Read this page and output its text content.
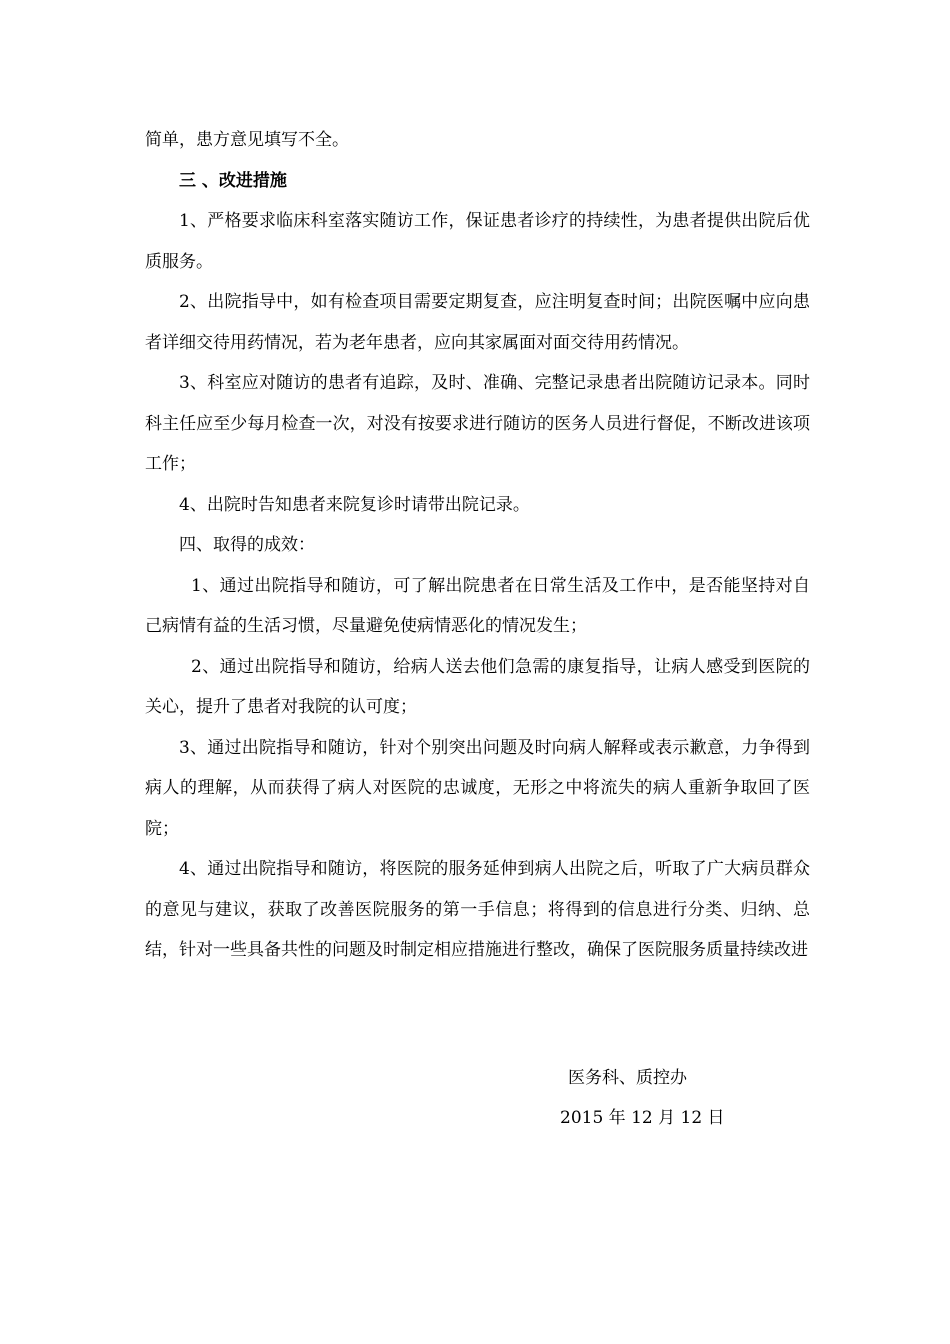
简单，患方意见填写不全。

三 、改进措施

1、严格要求临床科室落实随访工作，保证患者诊疗的持续性，为患者提供出院后优质服务。

2、出院指导中，如有检查项目需要定期复查，应注明复查时间；出院医嘱中应向患者详细交待用药情况，若为老年患者，应向其家属面对面交待用药情况。

3、科室应对随访的患者有追踪，及时、准确、完整记录患者出院随访记录本。同时科主任应至少每月检查一次，对没有按要求进行随访的医务人员进行督促，不断改进该项工作；

4、出院时告知患者来院复诊时请带出院记录。

四、取得的成效：

1、通过出院指导和随访，可了解出院患者在日常生活及工作中，是否能坚持对自己病情有益的生活习惯，尽量避免使病情恶化的情况发生；

2、通过出院指导和随访，给病人送去他们急需的康复指导，让病人感受到医院的关心，提升了患者对我院的认可度；

3、通过出院指导和随访，针对个别突出问题及时向病人解释或表示歉意，力争得到病人的理解，从而获得了病人对医院的忠诚度，无形之中将流失的病人重新争取回了医院；

4、通过出院指导和随访，将医院的服务延伸到病人出院之后，听取了广大病员群众的意见与建议，获取了改善医院服务的第一手信息；将得到的信息进行分类、归纳、总结，针对一些具备共性的问题及时制定相应措施进行整改，确保了医院服务质量持续改进

医务科、质控办

2015 年 12 月 12 日
